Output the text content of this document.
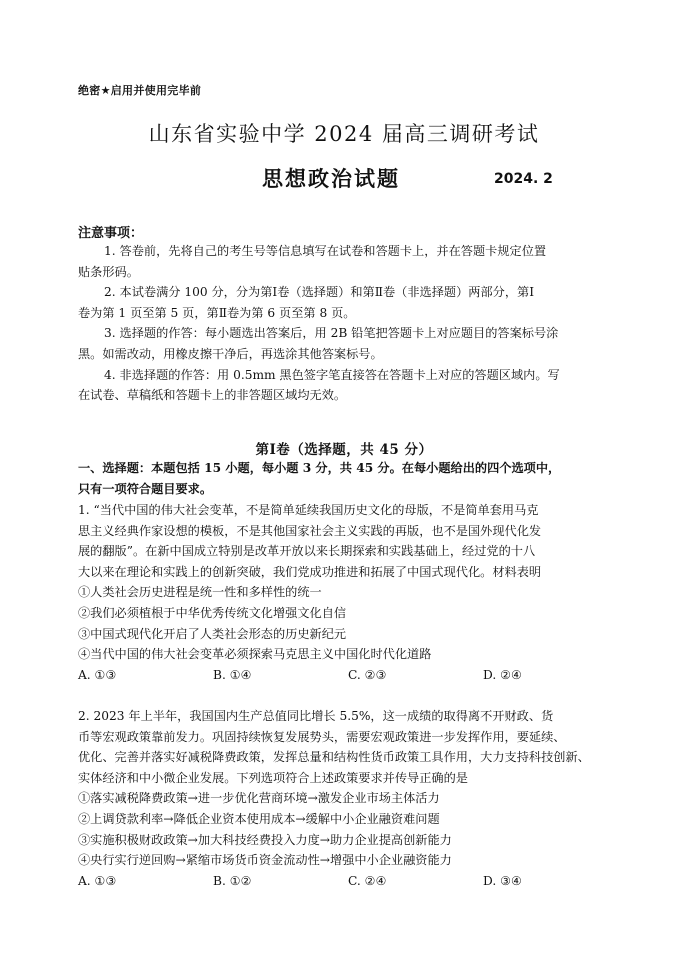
绝密★启用并使用完毕前
山东省实验中学 2024 届高三调研考试
思想政治试题	2024. 2
注意事项：
1. 答卷前，先将自己的考生号等信息填写在试卷和答题卡上，并在答题卡规定位置
贴条形码。
2. 本试卷满分 100 分，分为第Ⅰ卷（选择题）和第Ⅱ卷（非选择题）两部分，第Ⅰ
卷为第 1 页至第 5 页，第Ⅱ卷为第 6 页至第 8 页。
3. 选择题的作答：每小题选出答案后，用 2B 铅笔把答题卡上对应题目的答案标号涂
黑。如需改动，用橡皮擦干净后，再选涂其他答案标号。
4. 非选择题的作答：用 0.5mm 黑色签字笔直接答在答题卡上对应的答题区域内。写
在试卷、草稿纸和答题卡上的非答题区域均无效。
第Ⅰ卷（选择题，共 45 分）
一、选择题：本题包括 15 小题，每小题 3 分，共 45 分。在每小题给出的四个选项中，
只有一项符合题目要求。
1. “当代中国的伟大社会变革，不是简单延续我国历史文化的母版，不是简单套用马克
思主义经典作家设想的模板，不是其他国家社会主义实践的再版，也不是国外现代化发
展的翻版”。在新中国成立特别是改革开放以来长期探索和实践基础上，经过党的十八
大以来在理论和实践上的创新突破，我们党成功推进和拓展了中国式现代化。材料表明
①人类社会历史进程是统一性和多样性的统一
②我们必须植根于中华优秀传统文化增强文化自信
③中国式现代化开启了人类社会形态的历史新纪元
④当代中国的伟大社会变革必须探索马克思主义中国化时代化道路
A. ①③	B. ①④	C. ②③	D. ②④
2. 2023 年上半年，我国国内生产总值同比增长 5.5%，这一成绩的取得离不开财政、货
币等宏观政策靠前发力。巩固持续恢复发展势头，需要宏观政策进一步发挥作用，要延续、
优化、完善并落实好减税降费政策，发挥总量和结构性货币政策工具作用，大力支持科技创新、
实体经济和中小微企业发展。下列选项符合上述政策要求并传导正确的是
①落实减税降费政策→进一步优化营商环境→激发企业市场主体活力
②上调贷款利率→降低企业资本使用成本→缓解中小企业融资难问题
③实施积极财政政策→加大科技经费投入力度→助力企业提高创新能力
④央行实行逆回购→紧缩市场货币资金流动性→增强中小企业融资能力
A. ①③	B. ①②	C. ②④	D. ③④
